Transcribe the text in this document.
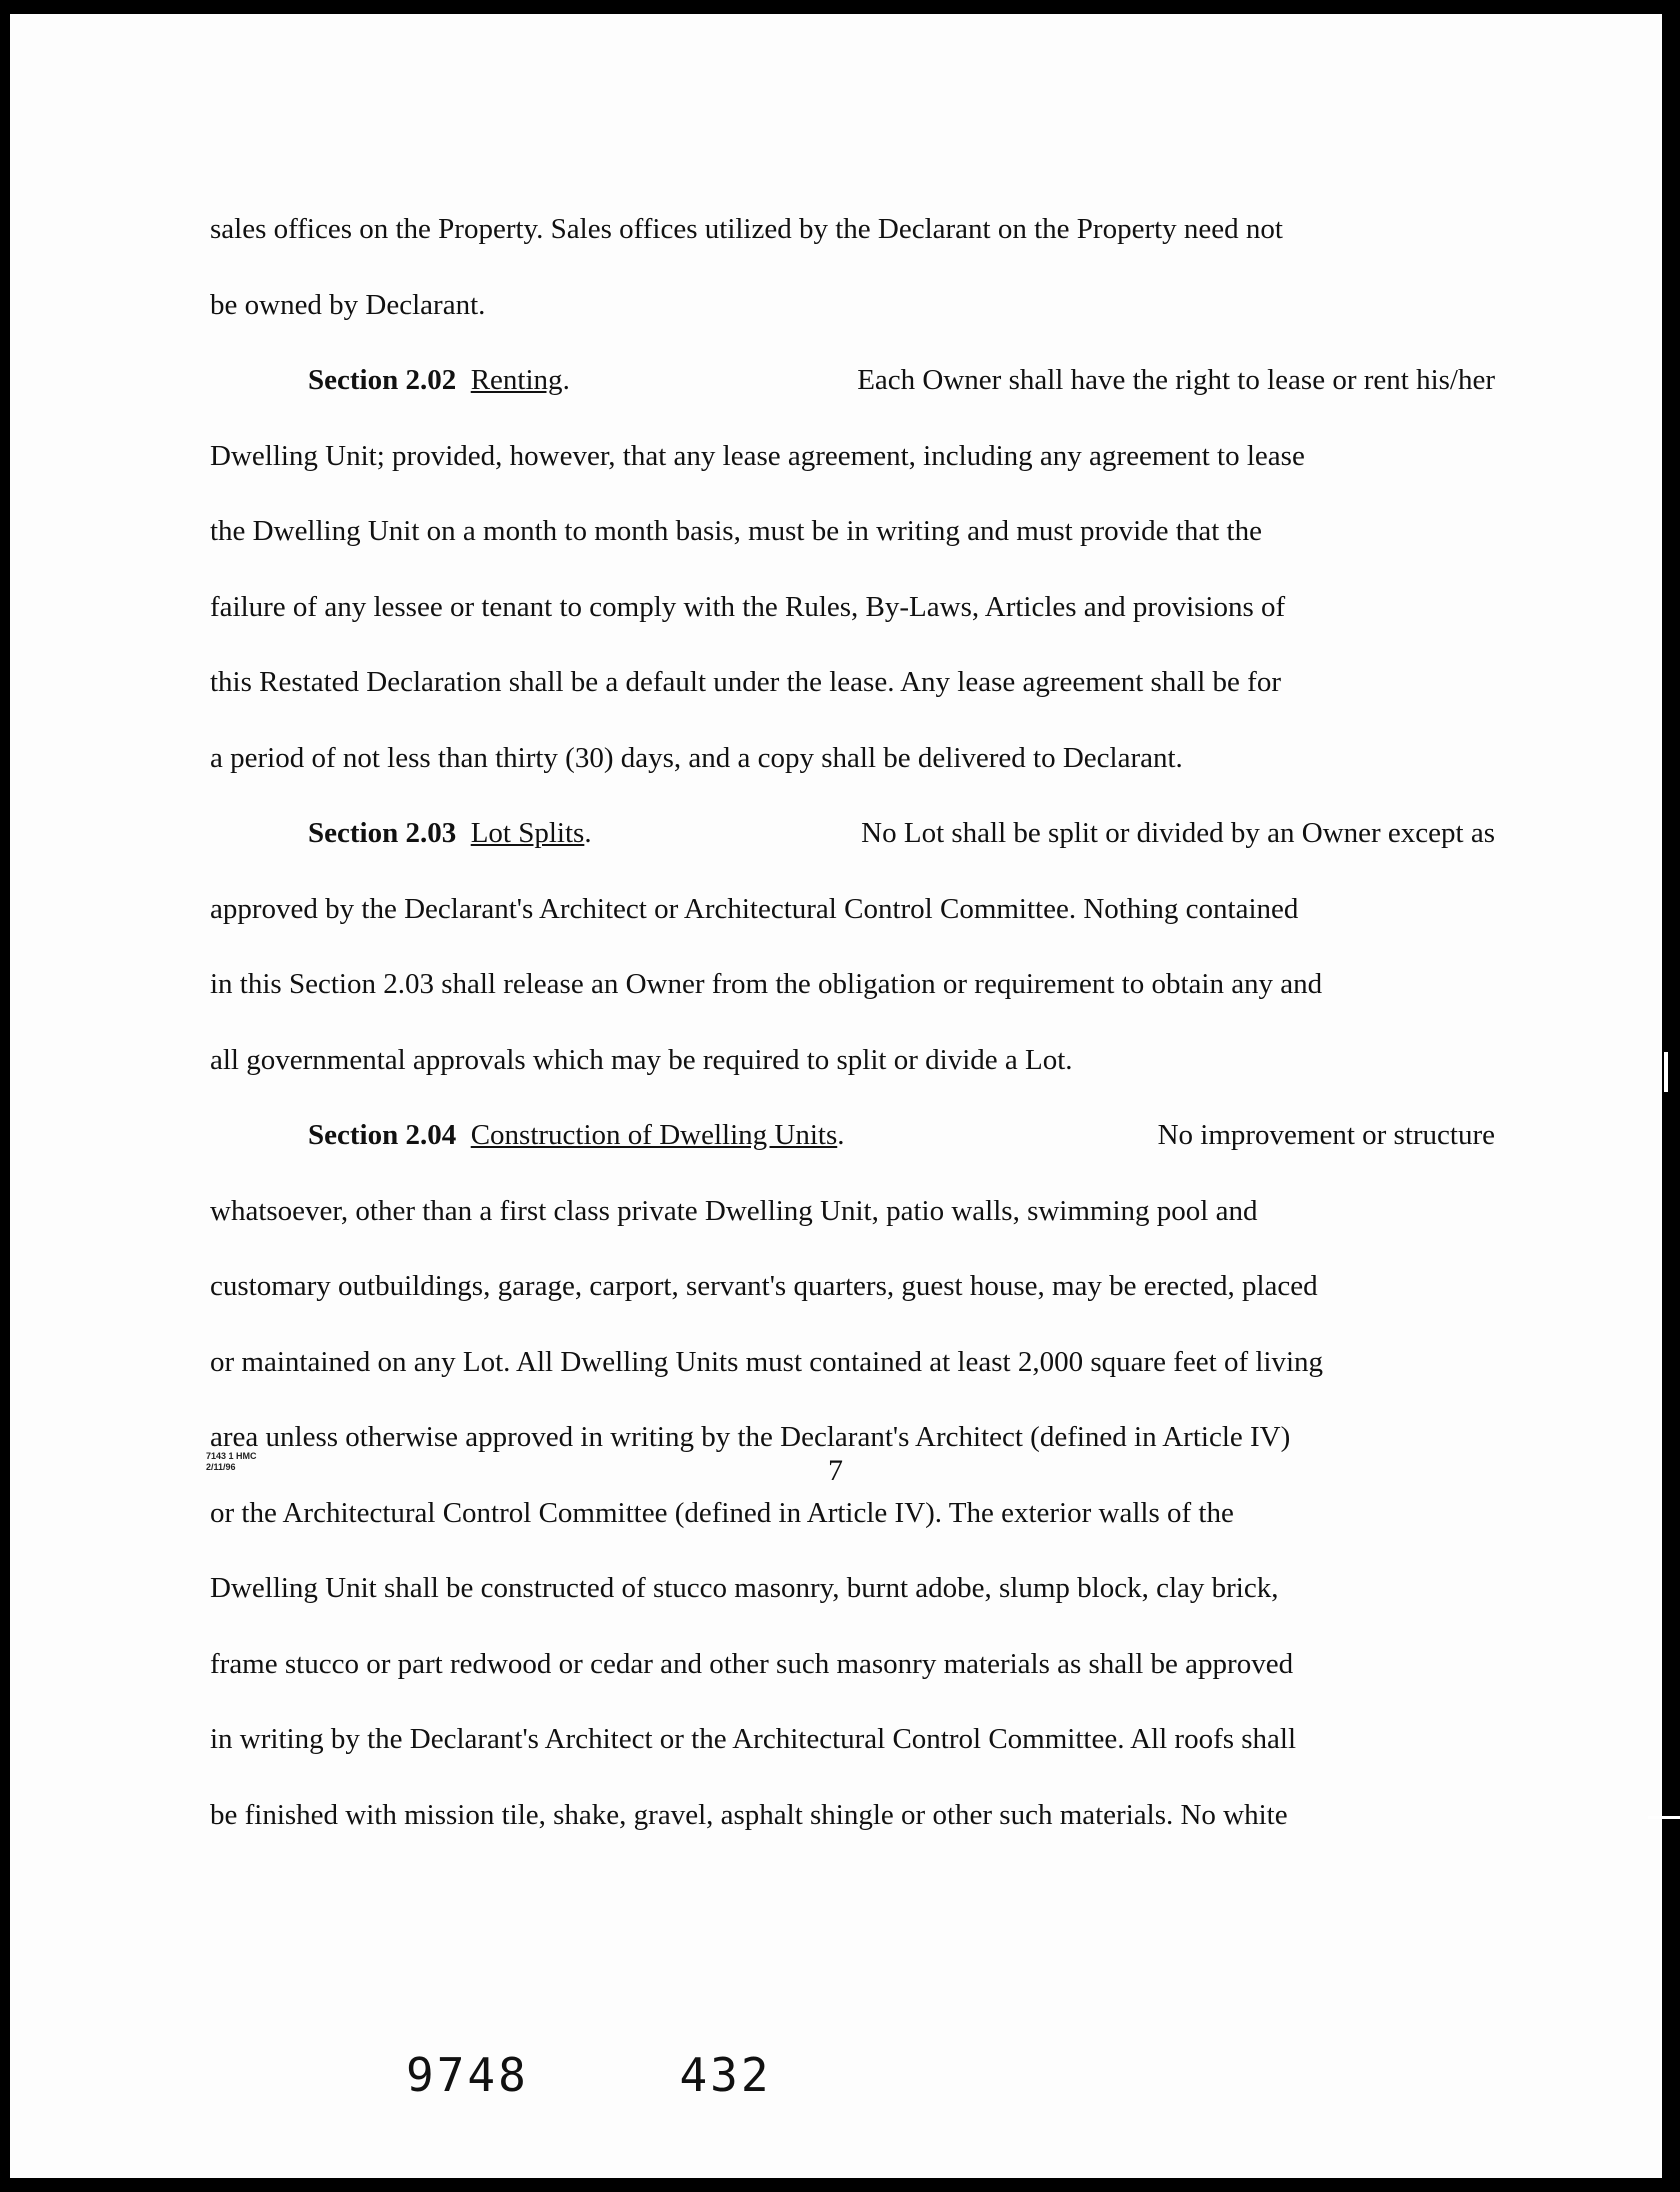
sales offices on the Property. Sales offices utilized by the Declarant on the Property need not
be owned by Declarant.
Section 2.02 Renting.	Each Owner shall have the right to lease or rent his/her
Dwelling Unit; provided, however, that any lease agreement, including any agreement to lease
the Dwelling Unit on a month to month basis, must be in writing and must provide that the
failure of any lessee or tenant to comply with the Rules, By-Laws, Articles and provisions of
this Restated Declaration shall be a default under the lease. Any lease agreement shall be for
a period of not less than thirty (30) days, and a copy shall be delivered to Declarant.
Section 2.03 Lot Splits.	No Lot shall be split or divided by an Owner except as
approved by the Declarant's Architect or Architectural Control Committee. Nothing contained
in this Section 2.03 shall release an Owner from the obligation or requirement to obtain any and
all governmental approvals which may be required to split or divide a Lot.
Section 2.04 Construction of Dwelling Units.	No improvement or structure
whatsoever, other than a first class private Dwelling Unit, patio walls, swimming pool and
customary outbuildings, garage, carport, servant's quarters, guest house, may be erected, placed
or maintained on any Lot. All Dwelling Units must contained at least 2,000 square feet of living
area unless otherwise approved in writing by the Declarant's Architect (defined in Article IV)
or the Architectural Control Committee (defined in Article IV). The exterior walls of the
Dwelling Unit shall be constructed of stucco masonry, burnt adobe, slump block, clay brick,
frame stucco or part redwood or cedar and other such masonry materials as shall be approved
in writing by the Declarant's Architect or the Architectural Control Committee. All roofs shall
be finished with mission tile, shake, gravel, asphalt shingle or other such materials. No white
7143 1 HMC
2/11/96	7
9748	432
